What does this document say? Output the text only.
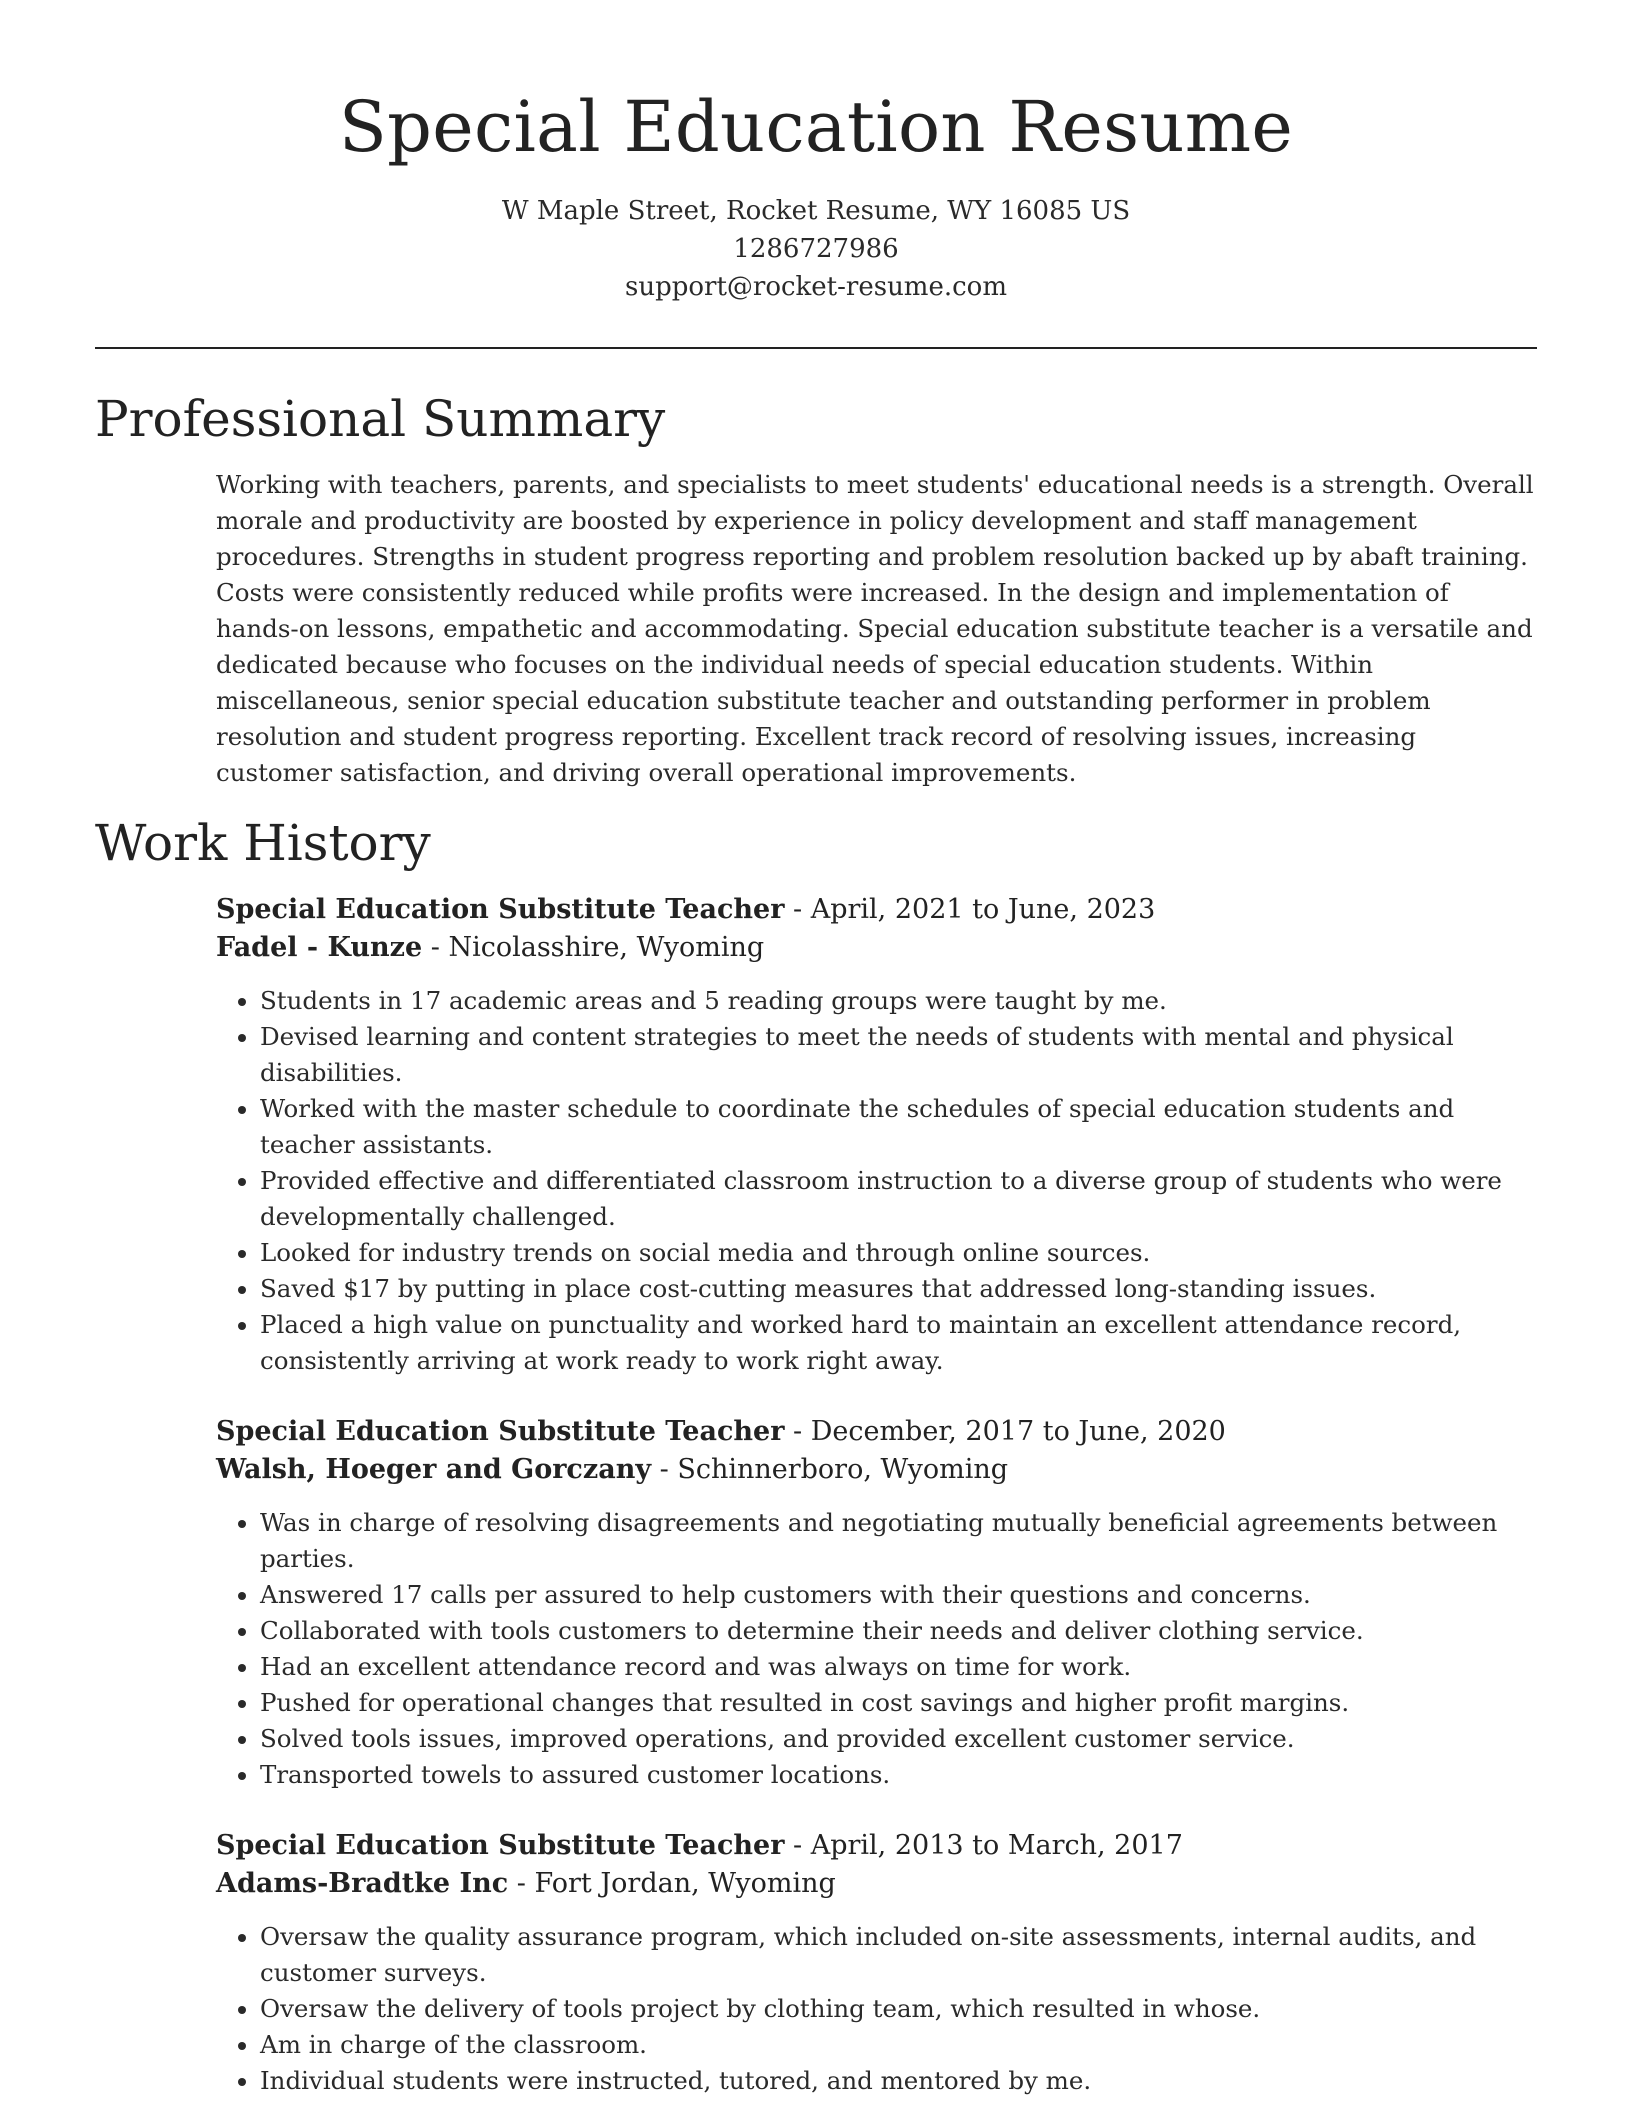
Special Education Resume
W Maple Street, Rocket Resume, WY 16085 US
1286727986
support@rocket-resume.com
Professional Summary

Working with teachers, parents, and specialists to meet students' educational needs is a strength. Overall morale and productivity are boosted by experience in policy development and staff management procedures. Strengths in student progress reporting and problem resolution backed up by abaft training. Costs were consistently reduced while profits were increased. In the design and implementation of hands-on lessons, empathetic and accommodating. Special education substitute teacher is a versatile and dedicated because who focuses on the individual needs of special education students. Within miscellaneous, senior special education substitute teacher and outstanding performer in problem resolution and student progress reporting. Excellent track record of resolving issues, increasing customer satisfaction, and driving overall operational improvements.

Work History
Special Education Substitute Teacher - April, 2021 to June, 2023
Fadel - Kunze - Nicolasshire, Wyoming
• Students in 17 academic areas and 5 reading groups were taught by me.
• Devised learning and content strategies to meet the needs of students with mental and physical disabilities.
• Worked with the master schedule to coordinate the schedules of special education students and teacher assistants.
• Provided effective and differentiated classroom instruction to a diverse group of students who were developmentally challenged.
• Looked for industry trends on social media and through online sources.
• Saved $17 by putting in place cost-cutting measures that addressed long-standing issues.
• Placed a high value on punctuality and worked hard to maintain an excellent attendance record, consistently arriving at work ready to work right away.
Special Education Substitute Teacher - December, 2017 to June, 2020
Walsh, Hoeger and Gorczany - Schinnerboro, Wyoming
• Was in charge of resolving disagreements and negotiating mutually beneficial agreements between parties.
• Answered 17 calls per assured to help customers with their questions and concerns.
• Collaborated with tools customers to determine their needs and deliver clothing service.
• Had an excellent attendance record and was always on time for work.
• Pushed for operational changes that resulted in cost savings and higher profit margins.
• Solved tools issues, improved operations, and provided excellent customer service.
• Transported towels to assured customer locations.
Special Education Substitute Teacher - April, 2013 to March, 2017
Adams-Bradtke Inc - Fort Jordan, Wyoming
• Oversaw the quality assurance program, which included on-site assessments, internal audits, and customer surveys.
• Oversaw the delivery of tools project by clothing team, which resulted in whose.
• Am in charge of the classroom.
• Individual students were instructed, tutored, and mentored by me.
